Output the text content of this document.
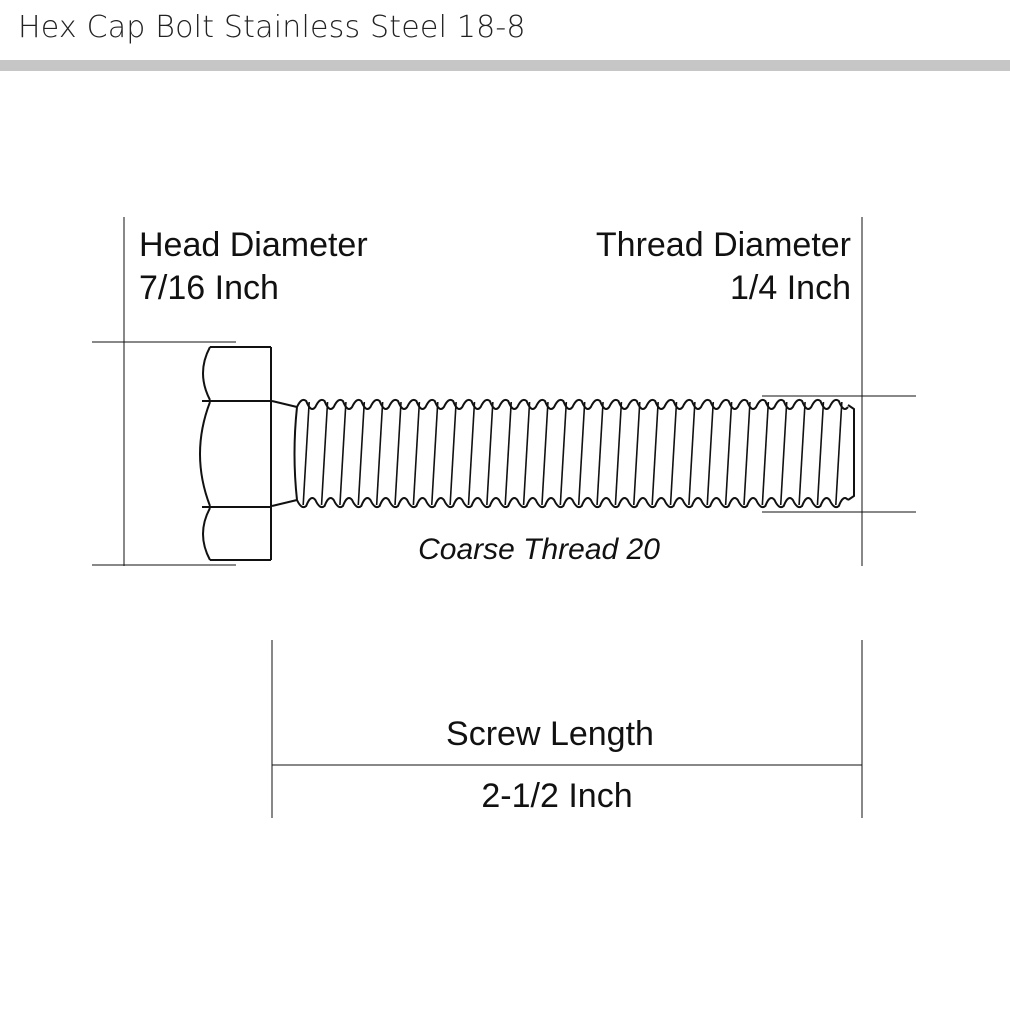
Hex Cap Bolt Stainless Steel 18-8
Head Diameter
7/16 Inch
Thread Diameter
1/4 Inch
Coarse Thread 20
Screw Length
2-1/2 Inch
